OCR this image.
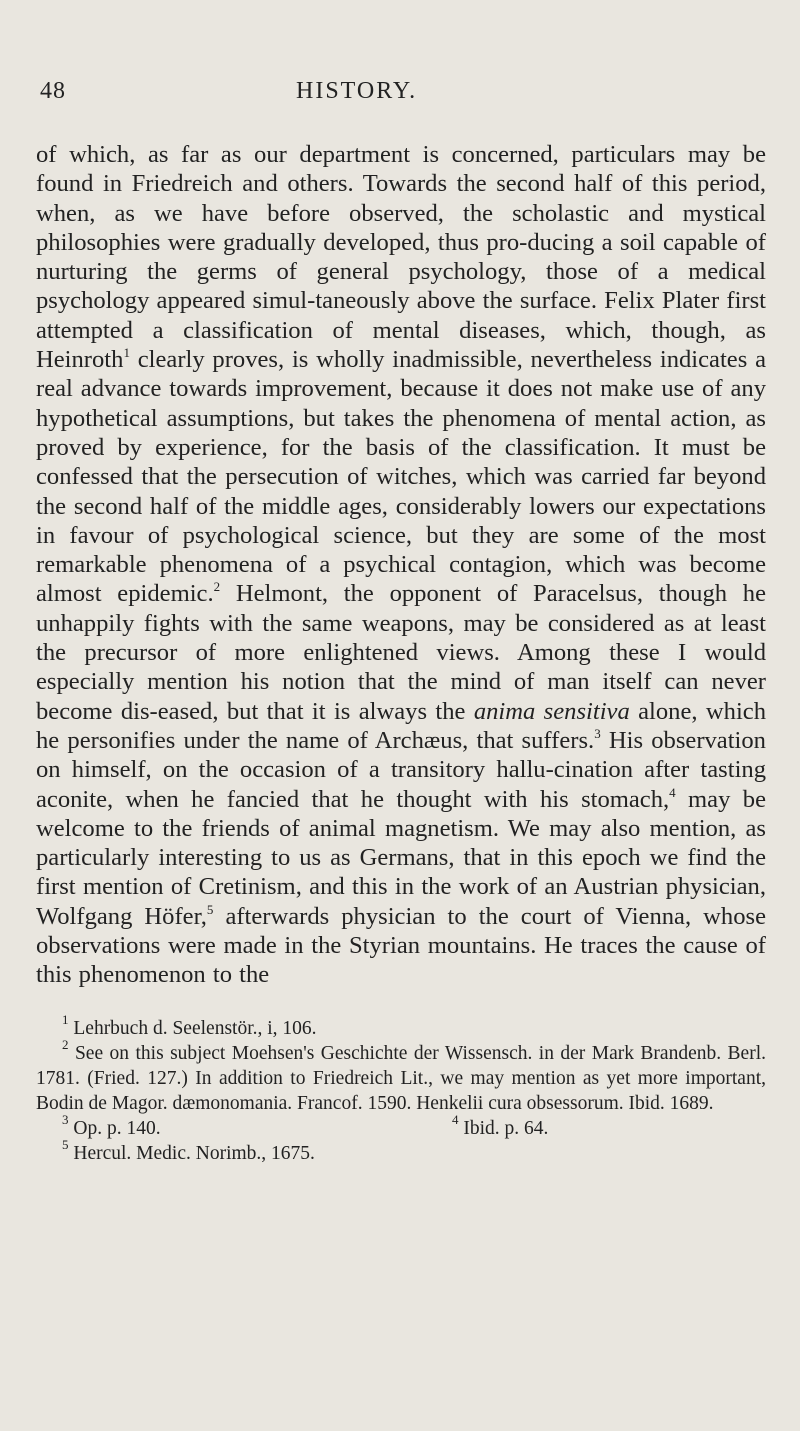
48	HISTORY.
of which, as far as our department is concerned, particulars may be found in Friedreich and others. Towards the second half of this period, when, as we have before observed, the scholastic and mystical philosophies were gradually developed, thus pro-ducing a soil capable of nurturing the germs of general psychology, those of a medical psychology appeared simul-taneously above the surface. Felix Plater first attempted a classification of mental diseases, which, though, as Heinroth$^1$ clearly proves, is wholly inadmissible, nevertheless indicates a real advance towards improvement, because it does not make use of any hypothetical assumptions, but takes the phenomena of mental action, as proved by experience, for the basis of the classification. It must be confessed that the persecution of witches, which was carried far beyond the second half of the middle ages, considerably lowers our expectations in favour of psychological science, but they are some of the most remarkable phenomena of a psychical contagion, which was become almost epidemic.$^2$ Helmont, the opponent of Paracelsus, though he unhappily fights with the same weapons, may be considered as at least the precursor of more enlightened views. Among these I would especially mention his notion that the mind of man itself can never become dis-eased, but that it is always the anima sensitiva alone, which he personifies under the name of Archæus, that suffers.$^3$ His observation on himself, on the occasion of a transitory hallu-cination after tasting aconite, when he fancied that he thought with his stomach,$^4$ may be welcome to the friends of animal magnetism. We may also mention, as particularly interesting to us as Germans, that in this epoch we find the first mention of Cretinism, and this in the work of an Austrian physician, Wolfgang Höfer,$^5$ afterwards physician to the court of Vienna, whose observations were made in the Styrian mountains. He traces the cause of this phenomenon to the

$^1$ Lehrbuch d. Seelenstör., i, 106.

$^2$ See on this subject Moehsen's Geschichte der Wissensch. in der Mark Brandenb. Berl. 1781. (Fried. 127.) In addition to Friedreich Lit., we may mention as yet more important, Bodin de Magor. dæmonomania. Francof. 1590. Henkelii cura obsessorum. Ibid. 1689.

$^3$ Op. p. 140.	$^4$ Ibid. p. 64.

$^5$ Hercul. Medic. Norimb., 1675.
